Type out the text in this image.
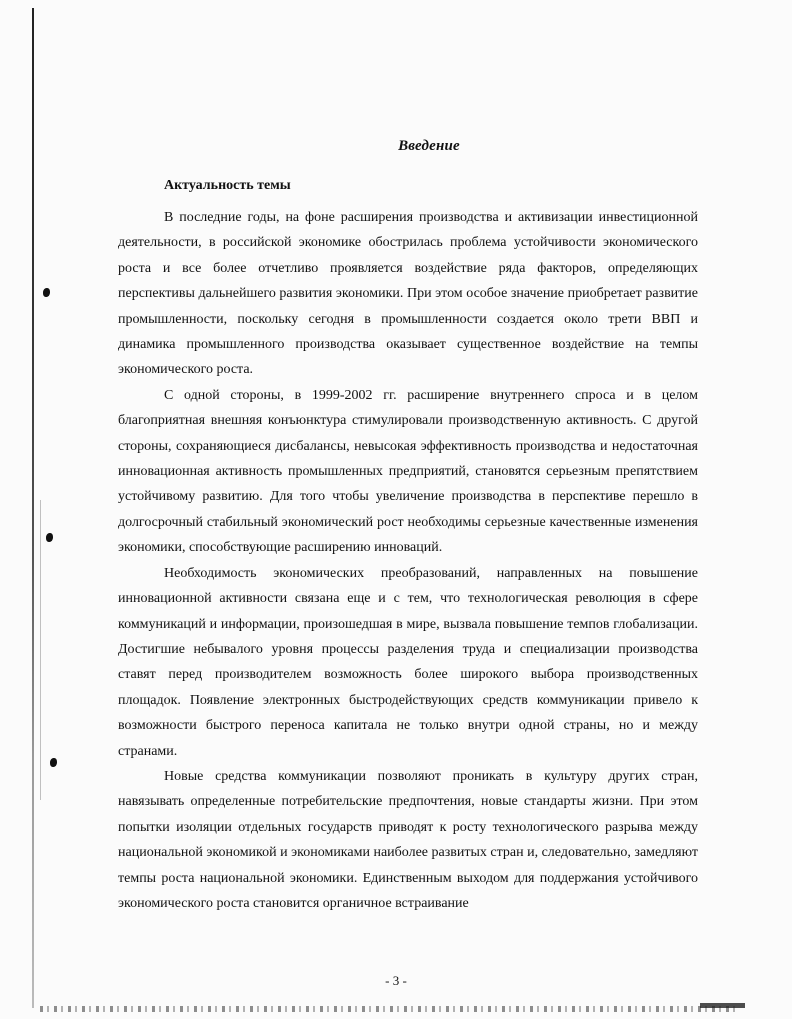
Введение
Актуальность темы

В последние годы, на фоне расширения производства и активизации инвестиционной деятельности, в российской экономике обострилась проблема устойчивости экономического роста и все более отчетливо проявляется воздействие ряда факторов, определяющих перспективы дальнейшего развития экономики. При этом особое значение приобретает развитие промышленности, поскольку сегодня в промышленности создается около трети ВВП и динамика промышленного производства оказывает существенное воздействие на темпы экономического роста.

С одной стороны, в 1999-2002 гг. расширение внутреннего спроса и в целом благоприятная внешняя конъюнктура стимулировали производственную активность. С другой стороны, сохраняющиеся дисбалансы, невысокая эффективность производства и недостаточная инновационная активность промышленных предприятий, становятся серьезным препятствием устойчивому развитию. Для того чтобы увеличение производства в перспективе перешло в долгосрочный стабильный экономический рост необходимы серьезные качественные изменения экономики, способствующие расширению инноваций.

Необходимость экономических преобразований, направленных на повышение инновационной активности связана еще и с тем, что технологическая революция в сфере коммуникаций и информации, произошедшая в мире, вызвала повышение темпов глобализации. Достигшие небывалого уровня процессы разделения труда и специализации производства ставят перед производителем возможность более широкого выбора производственных площадок. Появление электронных быстродействующих средств коммуникации привело к возможности быстрого переноса капитала не только внутри одной страны, но и между странами.

Новые средства коммуникации позволяют проникать в культуру других стран, навязывать определенные потребительские предпочтения, новые стандарты жизни. При этом попытки изоляции отдельных государств приводят к росту технологического разрыва между национальной экономикой и экономиками наиболее развитых стран и, следовательно, замедляют темпы роста национальной экономики. Единственным выходом для поддержания устойчивого экономического роста становится органичное встраивание

- 3 -
